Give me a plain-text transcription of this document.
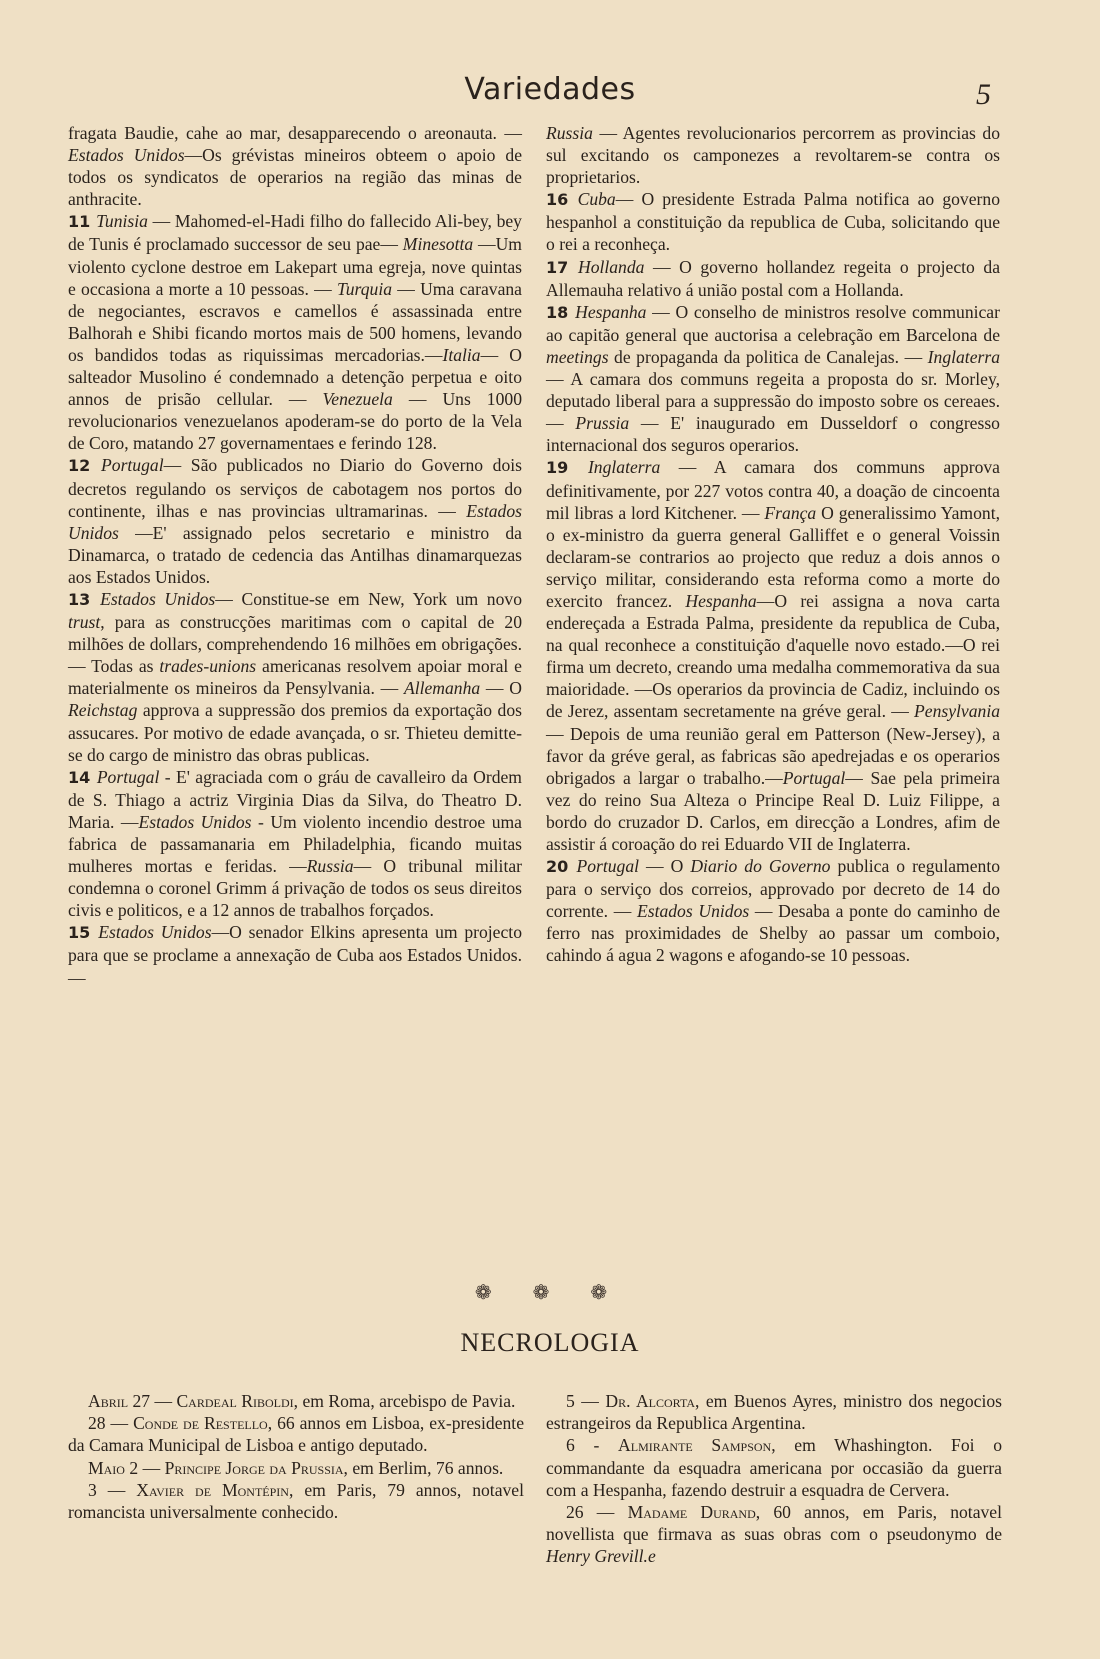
Variedades	5

fragata Baudie, cahe ao mar, desapparecendo o areonauta. — Estados Unidos—Os grévistas mineiros obteem o apoio de todos os syndicatos de operarios na região das minas de anthracite.

11 Tunisia — Mahomed-el-Hadi filho do fallecido Ali-bey, bey de Tunis é proclamado successor de seu pae— Minesotta —Um violento cyclone destroe em Lakepart uma egreja, nove quintas e occasiona a morte a 10 pessoas. — Turquia — Uma caravana de negociantes, escravos e camellos é assassinada entre Balhorah e Shibi ficando mortos mais de 500 homens, levando os bandidos todas as riquissimas mercadorias.—Italia— O salteador Musolino é condemnado a detenção perpetua e oito annos de prisão cellular. — Venezuela — Uns 1000 revolucionarios venezuelanos apoderam-se do porto de la Vela de Coro, matando 27 governamentaes e ferindo 128.

12 Portugal— São publicados no Diario do Governo dois decretos regulando os serviços de cabotagem nos portos do continente, ilhas e nas provincias ultramarinas. — Estados Unidos —E' assignado pelos secretario e ministro da Dinamarca, o tratado de cedencia das Antilhas dinamarquezas aos Estados Unidos.

13 Estados Unidos— Constitue-se em New, York um novo trust, para as construcções maritimas com o capital de 20 milhões de dollars, comprehendendo 16 milhões em obrigações. — Todas as trades-unions americanas resolvem apoiar moral e materialmente os mineiros da Pensylvania. — Allemanha — O Reichstag approva a suppressão dos premios da exportação dos assucares. Por motivo de edade avançada, o sr. Thieteu demitte-se do cargo de ministro das obras publicas.

14 Portugal - E' agraciada com o gráu de cavalleiro da Ordem de S. Thiago a actriz Virginia Dias da Silva, do Theatro D. Maria. —Estados Unidos - Um violento incendio destroe uma fabrica de passamanaria em Philadelphia, ficando muitas mulheres mortas e feridas. —Russia— O tribunal militar condemna o coronel Grimm á privação de todos os seus direitos civis e politicos, e a 12 annos de trabalhos forçados.

15 Estados Unidos—O senador Elkins apresenta um projecto para que se proclame a annexação de Cuba aos Estados Unidos.—

Russia — Agentes revolucionarios percorrem as provincias do sul excitando os camponezes a revoltarem-se contra os proprietarios.

16 Cuba— O presidente Estrada Palma notifica ao governo hespanhol a constituição da republica de Cuba, solicitando que o rei a reconheça.

17 Hollanda — O governo hollandez regeita o projecto da Allemauha relativo á união postal com a Hollanda.

18 Hespanha — O conselho de ministros resolve communicar ao capitão general que auctorisa a celebração em Barcelona de meetings de propaganda da politica de Canalejas. — Inglaterra — A camara dos communs regeita a proposta do sr. Morley, deputado liberal para a suppressão do imposto sobre os cereaes. — Prussia — E' inaugurado em Dusseldorf o congresso internacional dos seguros operarios.

19 Inglaterra — A camara dos communs approva definitivamente, por 227 votos contra 40, a doação de cincoenta mil libras a lord Kitchener. — França O generalissimo Yamont, o ex-ministro da guerra general Galliffet e o general Voissin declaram-se contrarios ao projecto que reduz a dois annos o serviço militar, considerando esta reforma como a morte do exercito francez. Hespanha—O rei assigna a nova carta endereçada a Estrada Palma, presidente da republica de Cuba, na qual reconhece a constituição d'aquelle novo estado.—O rei firma um decreto, creando uma medalha commemorativa da sua maioridade. —Os operarios da provincia de Cadiz, incluindo os de Jerez, assentam secretamente na gréve geral. — Pensylvania — Depois de uma reunião geral em Patterson (New-Jersey), a favor da gréve geral, as fabricas são apedrejadas e os operarios obrigados a largar o trabalho.—Portugal— Sae pela primeira vez do reino Sua Alteza o Principe Real D. Luiz Filippe, a bordo do cruzador D. Carlos, em direcção a Londres, afim de assistir á coroação do rei Eduardo VII de Inglaterra.

20 Portugal — O Diario do Governo publica o regulamento para o serviço dos correios, approvado por decreto de 14 do corrente. — Estados Unidos — Desaba a ponte do caminho de ferro nas proximidades de Shelby ao passar um comboio, cahindo á agua 2 wagons e afogando-se 10 pessoas.

❁ ❁ ❁
NECROLOGIA

Abril 27 — Cardeal Riboldi, em Roma, arcebispo de Pavia.

28 — Conde de Restello, 66 annos em Lisboa, ex-presidente da Camara Municipal de Lisboa e antigo deputado.

Maio 2 — Principe Jorge da Prussia, em Berlim, 76 annos.

3 — Xavier de Montépin, em Paris, 79 annos, notavel romancista universalmente conhecido.

5 — Dr. Alcorta, em Buenos Ayres, ministro dos negocios estrangeiros da Republica Argentina.

6 - Almirante Sampson, em Whashington. Foi o commandante da esquadra americana por occasião da guerra com a Hespanha, fazendo destruir a esquadra de Cervera.

26 — Madame Durand, 60 annos, em Paris, notavel novellista que firmava as suas obras com o pseudonymo de Henry Grevill.e
